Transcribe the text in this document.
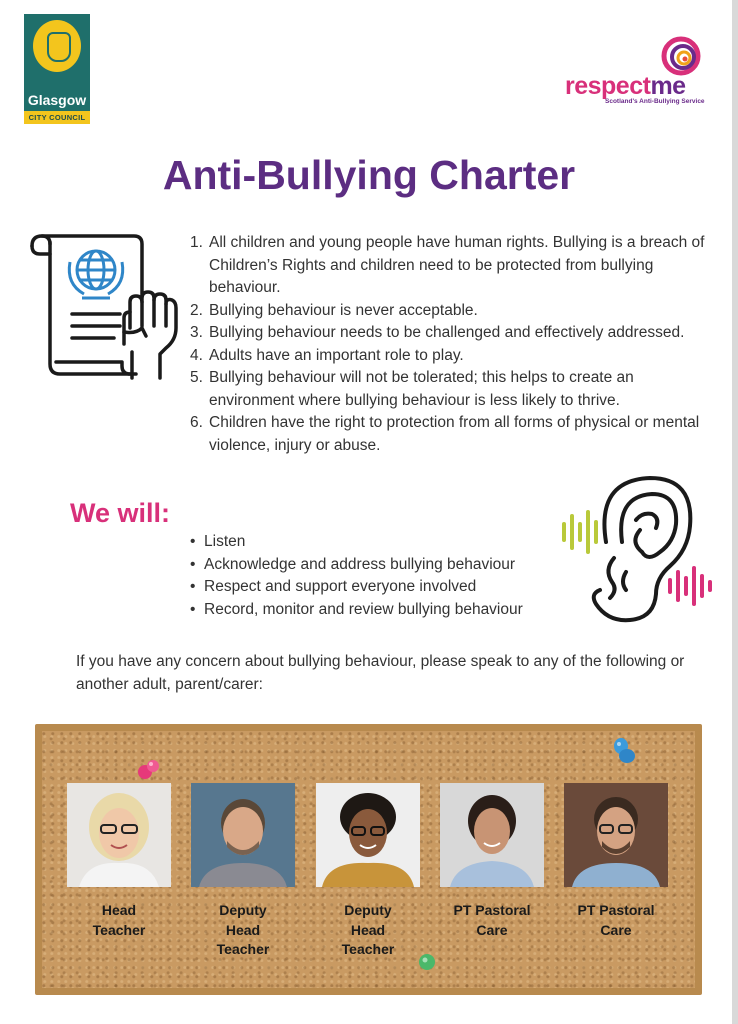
Glasgow
CITY COUNCIL
respectme
Scotland's Anti-Bullying Service
Anti-Bullying Charter
1. All children and young people have human rights. Bullying is a breach of Children’s Rights and children need to be protected from bullying behaviour.
2. Bullying behaviour is never acceptable.
3. Bullying behaviour needs to be challenged and effectively addressed.
4. Adults have an important role to play.
5. Bullying behaviour will not be tolerated; this helps to create an environment where bullying behaviour is less likely to thrive.
6. Children have the right to protection from all forms of physical or mental violence, injury or abuse.
We will:
• Listen
• Acknowledge and address bullying behaviour
• Respect and support everyone involved
• Record, monitor and review bullying behaviour
If you have any concern about bullying behaviour, please speak to any of the following or another adult, parent/carer:
Head
Teacher
Deputy
Head
Teacher
Deputy
Head
Teacher
PT Pastoral
Care
PT Pastoral
Care
